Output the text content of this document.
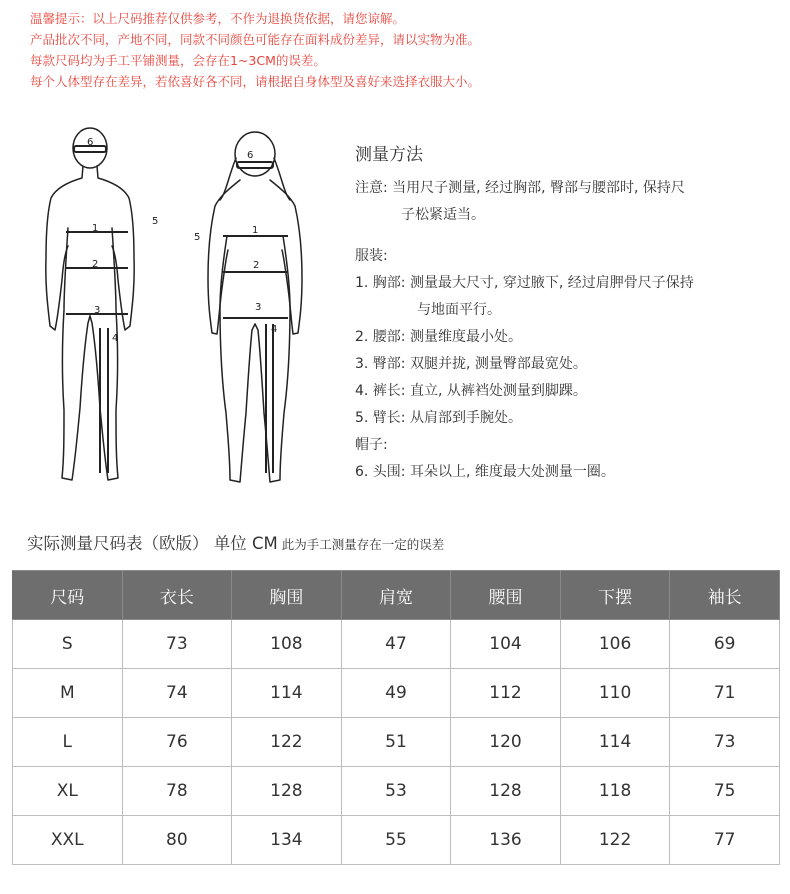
温馨提示：以上尺码推荐仅供参考，不作为退换货依据，请您谅解。
产品批次不同，产地不同，同款不同颜色可能存在面料成份差异，请以实物为准。
每款尺码均为手工平铺测量，会存在1~3CM的误差。
每个人体型存在差异，若依喜好各不同，请根据自身体型及喜好来选择衣服大小。
6
1
2
3
4
5
6
1
2
3
4
5
测量方法
注意: 当用尺子测量, 经过胸部, 臀部与腰部时, 保持尺
子松紧适当。
服装:
1. 胸部: 测量最大尺寸, 穿过腋下, 经过肩胛骨尺子保持
与地面平行。
2. 腰部: 测量维度最小处。
3. 臀部: 双腿并拢, 测量臀部最宽处。
4. 裤长: 直立, 从裤裆处测量到脚踝。
5. 臂长: 从肩部到手腕处。
帽子:
6. 头围: 耳朵以上, 维度最大处测量一圈。
实际测量尺码表（欧版） 单位 CM 此为手工测量存在一定的误差
尺码	衣长	胸围	肩宽	腰围	下摆	袖长
S	73	108	47	104	106	69
M	74	114	49	112	110	71
L	76	122	51	120	114	73
XL	78	128	53	128	118	75
XXL	80	134	55	136	122	77
